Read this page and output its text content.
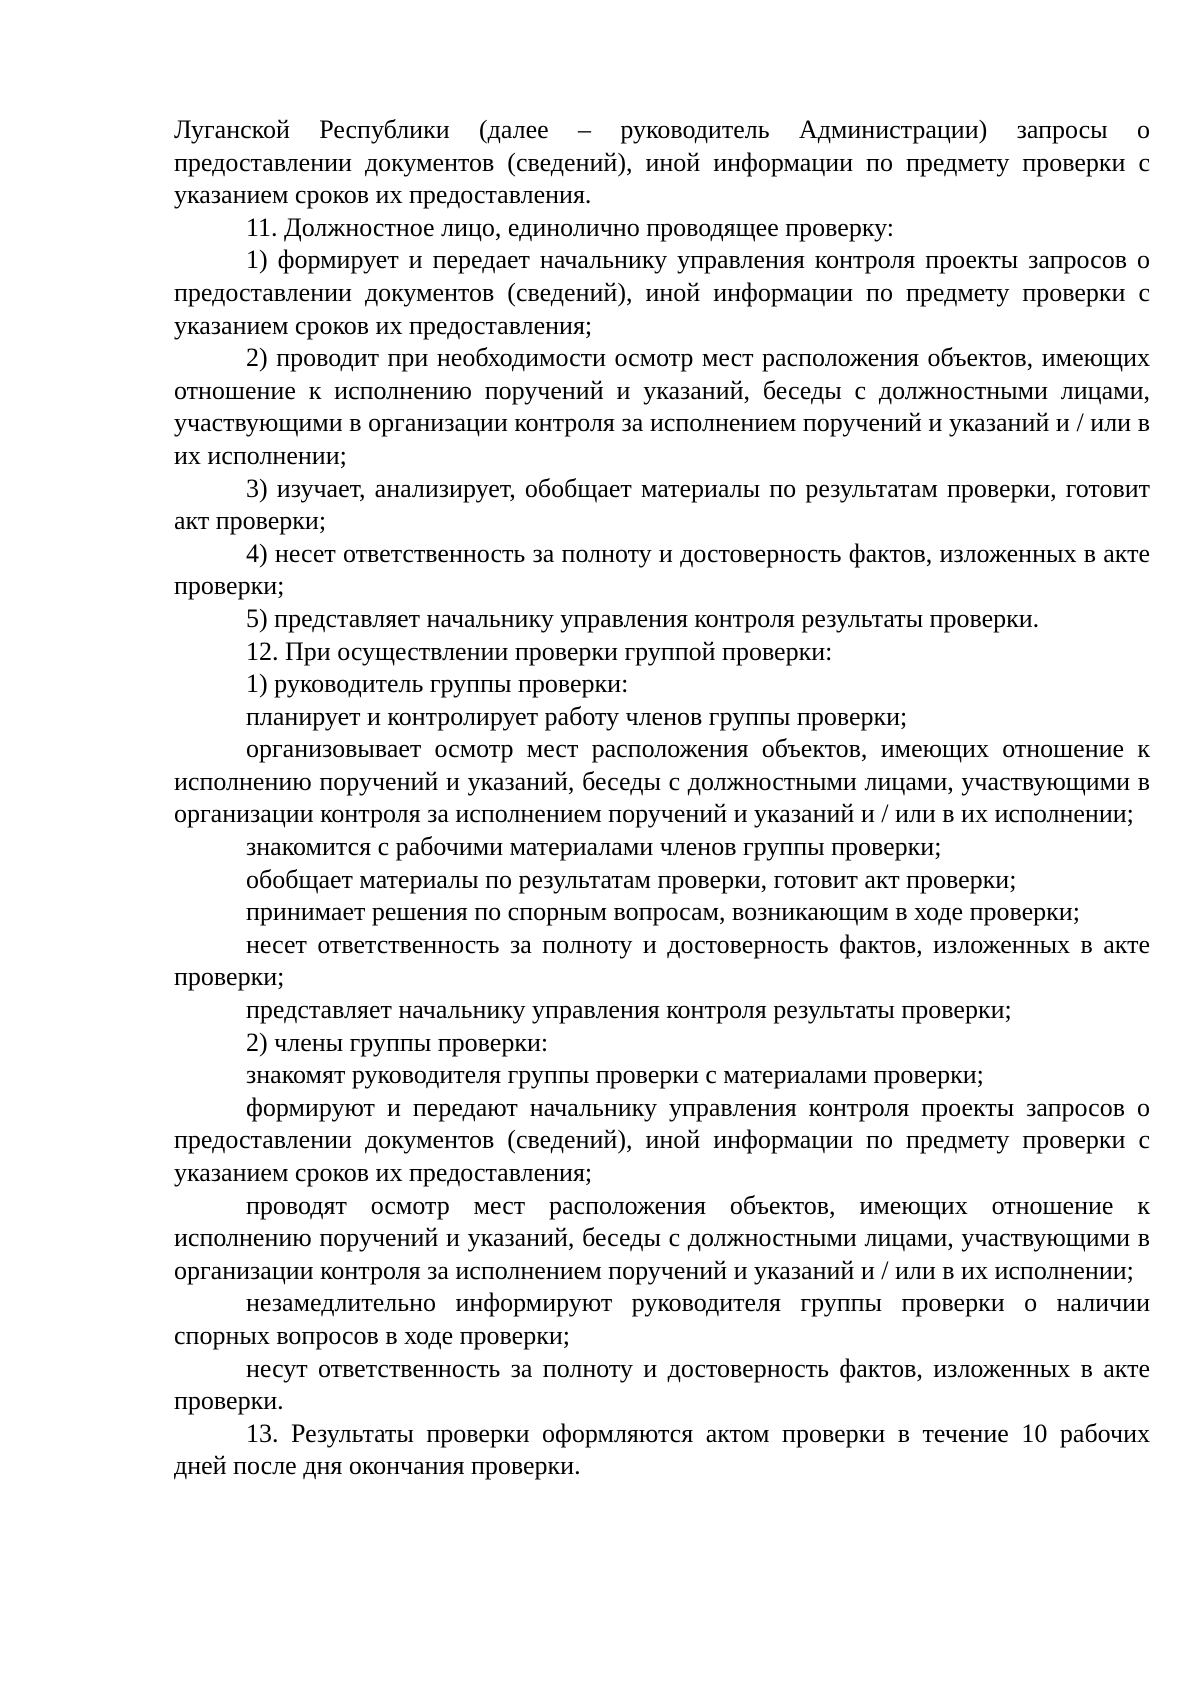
Луганской Республики (далее – руководитель Администрации) запросы о предоставлении документов (сведений), иной информации по предмету проверки с указанием сроков их предоставления.

11. Должностное лицо, единолично проводящее проверку:

1) формирует и передает начальнику управления контроля проекты запросов о предоставлении документов (сведений), иной информации по предмету проверки с указанием сроков их предоставления;

2) проводит при необходимости осмотр мест расположения объектов, имеющих отношение к исполнению поручений и указаний, беседы с должностными лицами, участвующими в организации контроля за исполнением поручений и указаний и / или в их исполнении;

3) изучает, анализирует, обобщает материалы по результатам проверки, готовит акт проверки;

4) несет ответственность за полноту и достоверность фактов, изложенных в акте проверки;

5) представляет начальнику управления контроля результаты проверки.

12. При осуществлении проверки группой проверки:

1) руководитель группы проверки:

планирует и контролирует работу членов группы проверки;

организовывает осмотр мест расположения объектов, имеющих отношение к исполнению поручений и указаний, беседы с должностными лицами, участвующими в организации контроля за исполнением поручений и указаний и / или в их исполнении;

знакомится с рабочими материалами членов группы проверки;

обобщает материалы по результатам проверки, готовит акт проверки;

принимает решения по спорным вопросам, возникающим в ходе проверки;

несет ответственность за полноту и достоверность фактов, изложенных в акте проверки;

представляет начальнику управления контроля результаты проверки;

2) члены группы проверки:

знакомят руководителя группы проверки с материалами проверки;

формируют и передают начальнику управления контроля проекты запросов о предоставлении документов (сведений), иной информации по предмету проверки с указанием сроков их предоставления;

проводят осмотр мест расположения объектов, имеющих отношение к исполнению поручений и указаний, беседы с должностными лицами, участвующими в организации контроля за исполнением поручений и указаний и / или в их исполнении;

незамедлительно информируют руководителя группы проверки о наличии спорных вопросов в ходе проверки;

несут ответственность за полноту и достоверность фактов, изложенных в акте проверки.

13. Результаты проверки оформляются актом проверки в течение 10 рабочих дней после дня окончания проверки.
